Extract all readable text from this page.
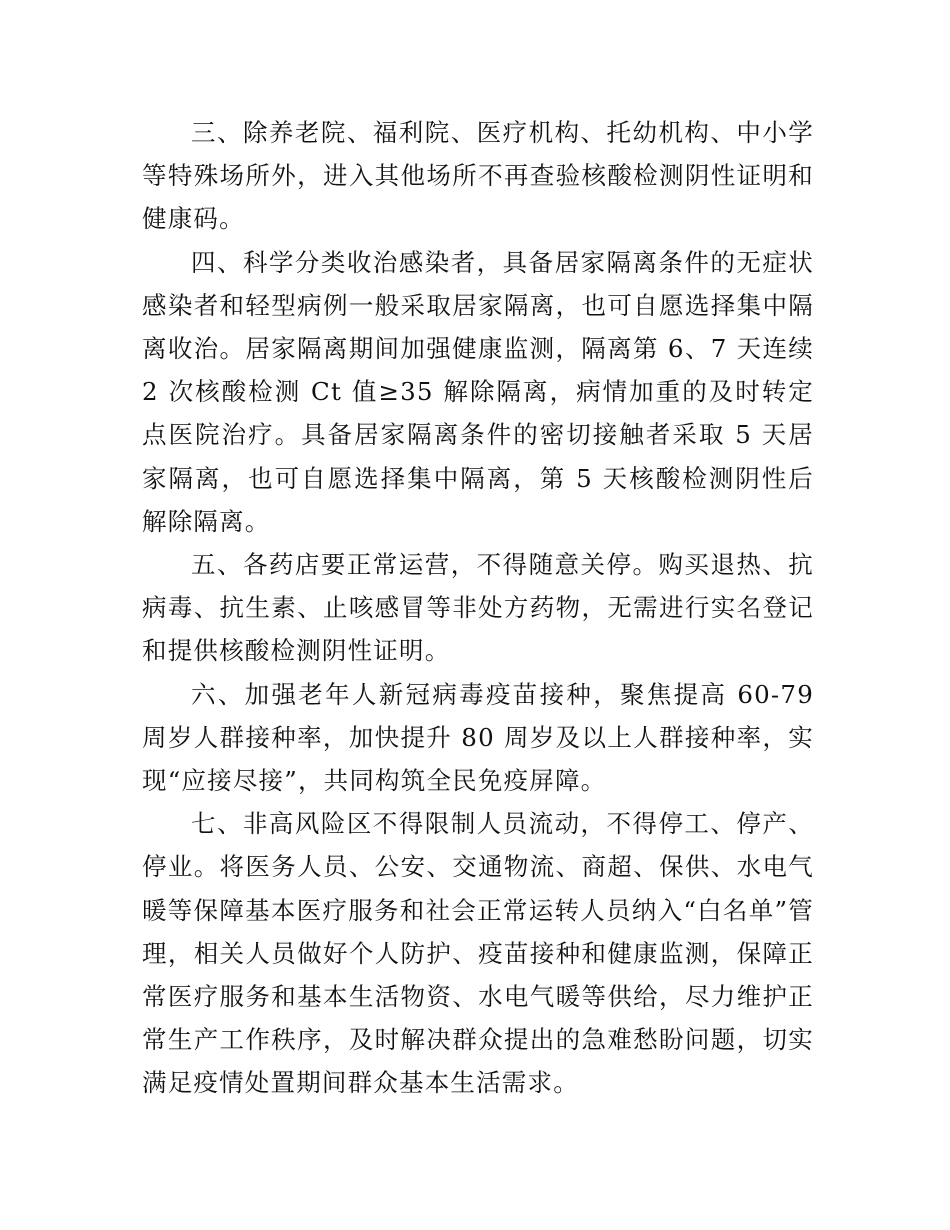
三、除养老院、福利院、医疗机构、托幼机构、中小学等特殊场所外，进入其他场所不再查验核酸检测阴性证明和健康码。

四、科学分类收治感染者，具备居家隔离条件的无症状感染者和轻型病例一般采取居家隔离，也可自愿选择集中隔离收治。居家隔离期间加强健康监测，隔离第 6、7 天连续 2 次核酸检测 Ct 值≥35 解除隔离，病情加重的及时转定点医院治疗。具备居家隔离条件的密切接触者采取 5 天居家隔离，也可自愿选择集中隔离，第 5 天核酸检测阴性后解除隔离。

五、各药店要正常运营，不得随意关停。购买退热、抗病毒、抗生素、止咳感冒等非处方药物，无需进行实名登记和提供核酸检测阴性证明。

六、加强老年人新冠病毒疫苗接种，聚焦提高 60-79 周岁人群接种率，加快提升 80 周岁及以上人群接种率，实现“应接尽接”，共同构筑全民免疫屏障。

七、非高风险区不得限制人员流动，不得停工、停产、停业。将医务人员、公安、交通物流、商超、保供、水电气暖等保障基本医疗服务和社会正常运转人员纳入“白名单”管理，相关人员做好个人防护、疫苗接种和健康监测，保障正常医疗服务和基本生活物资、水电气暖等供给，尽力维护正常生产工作秩序，及时解决群众提出的急难愁盼问题，切实满足疫情处置期间群众基本生活需求。
